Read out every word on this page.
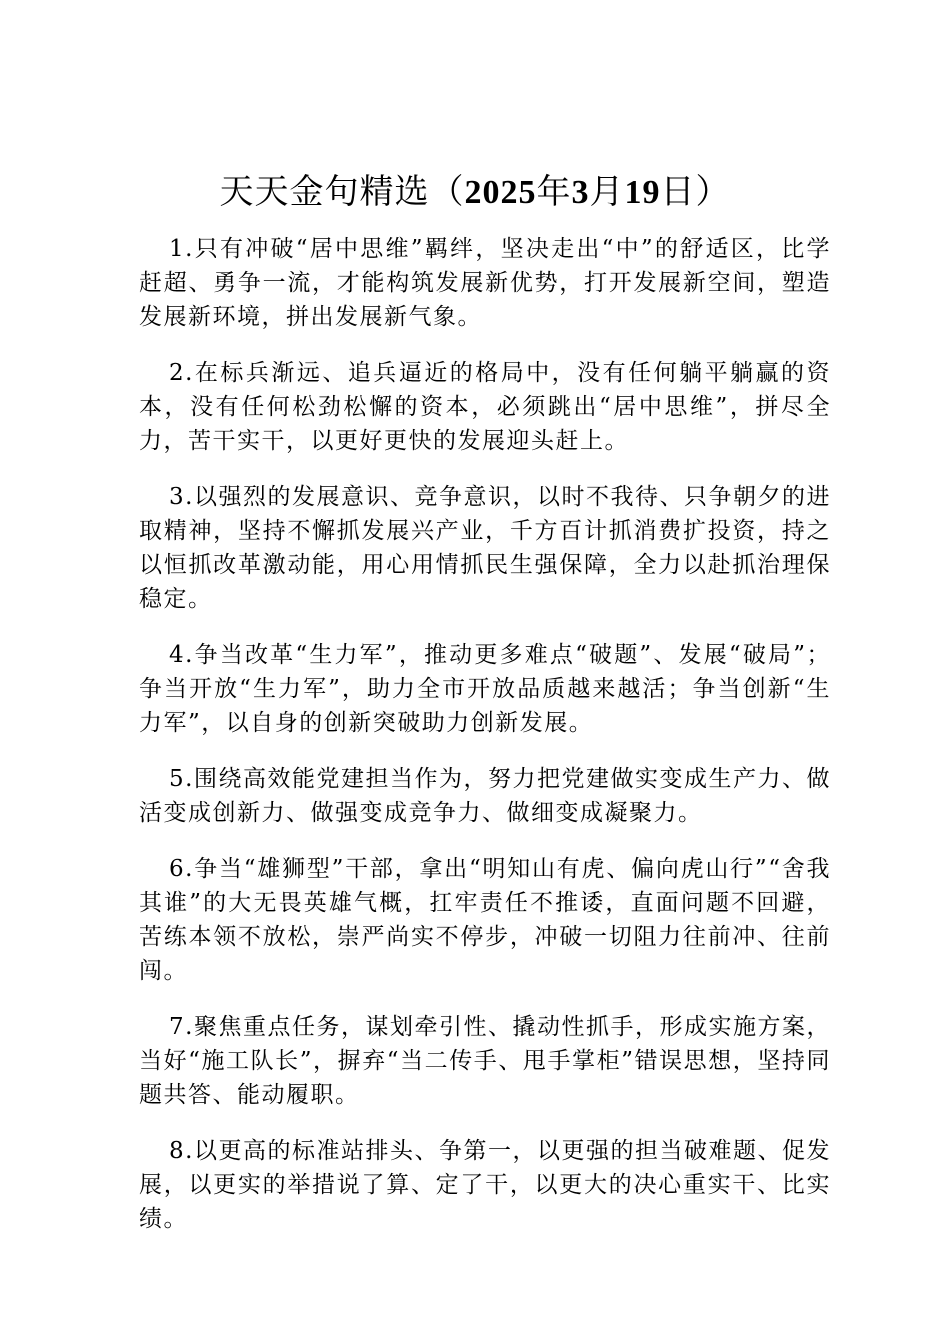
天天金句精选（2025年3月19日）

1.只有冲破“居中思维”羁绊，坚决走出“中”的舒适区，比学赶超、勇争一流，才能构筑发展新优势，打开发展新空间，塑造发展新环境，拼出发展新气象。

2.在标兵渐远、追兵逼近的格局中，没有任何躺平躺赢的资本，没有任何松劲松懈的资本，必须跳出“居中思维”，拼尽全力，苦干实干，以更好更快的发展迎头赶上。

3.以强烈的发展意识、竞争意识，以时不我待、只争朝夕的进取精神，坚持不懈抓发展兴产业，千方百计抓消费扩投资，持之以恒抓改革激动能，用心用情抓民生强保障，全力以赴抓治理保稳定。

4.争当改革“生力军”，推动更多难点“破题”、发展“破局”；争当开放“生力军”，助力全市开放品质越来越活；争当创新“生力军”，以自身的创新突破助力创新发展。

5.围绕高效能党建担当作为，努力把党建做实变成生产力、做活变成创新力、做强变成竞争力、做细变成凝聚力。

6.争当“雄狮型”干部，拿出“明知山有虎、偏向虎山行”“舍我其谁”的大无畏英雄气概，扛牢责任不推诿，直面问题不回避，苦练本领不放松，崇严尚实不停步，冲破一切阻力往前冲、往前闯。

7.聚焦重点任务，谋划牵引性、撬动性抓手，形成实施方案，当好“施工队长”，摒弃“当二传手、甩手掌柜”错误思想，坚持同题共答、能动履职。

8.以更高的标准站排头、争第一，以更强的担当破难题、促发展，以更实的举措说了算、定了干，以更大的决心重实干、比实绩。
